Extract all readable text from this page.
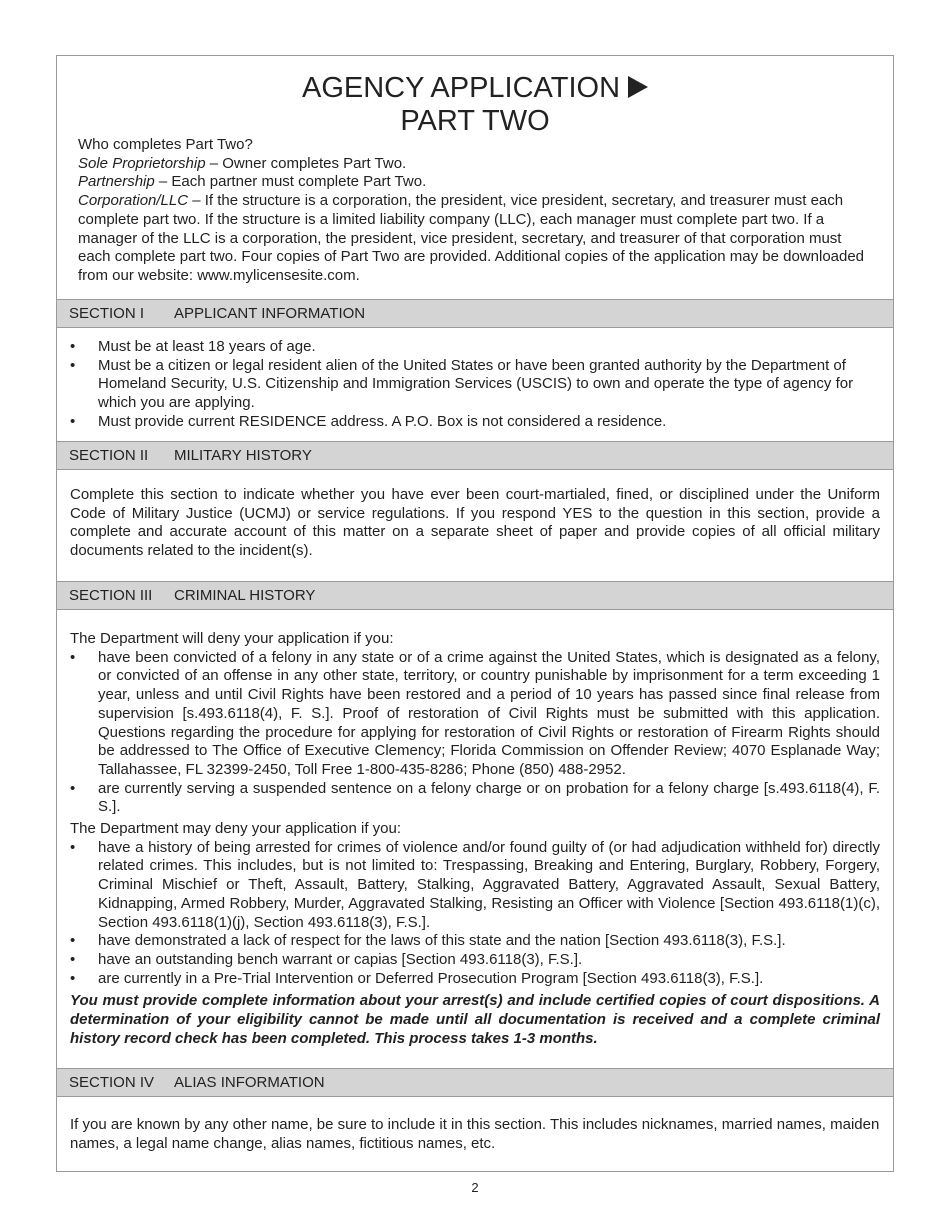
AGENCY APPLICATION
PART TWO

Who completes Part Two?

Sole Proprietorship – Owner completes Part Two.

Partnership – Each partner must complete Part Two.

Corporation/LLC – If the structure is a corporation, the president, vice president, secretary, and treasurer must each complete part two. If the structure is a limited liability company (LLC), each manager must complete part two. If a manager of the LLC is a corporation, the president, vice president, secretary, and treasurer of that corporation must each complete part two. Four copies of Part Two are provided. Additional copies of the application may be downloaded from our website: www.mylicensesite.com.

SECTION I APPLICANT INFORMATION
• Must be at least 18 years of age.
• Must be a citizen or legal resident alien of the United States or have been granted authority by the Department of Homeland Security, U.S. Citizenship and Immigration Services (USCIS) to own and operate the type of agency for which you are applying.
• Must provide current RESIDENCE address. A P.O. Box is not considered a residence.
SECTION II MILITARY HISTORY
Complete this section to indicate whether you have ever been court-martialed, fined, or disciplined under the Uniform Code of Military Justice (UCMJ) or service regulations. If you respond YES to the question in this section, provide a complete and accurate account of this matter on a separate sheet of paper and provide copies of all official military documents related to the incident(s).
SECTION III CRIMINAL HISTORY

The Department will deny your application if you:

• have been convicted of a felony in any state or of a crime against the United States, which is designated as a felony, or convicted of an offense in any other state, territory, or country punishable by imprisonment for a term exceeding 1 year, unless and until Civil Rights have been restored and a period of 10 years has passed since final release from supervision [s.493.6118(4), F. S.]. Proof of restoration of Civil Rights must be submitted with this application. Questions regarding the procedure for applying for restoration of Civil Rights or restoration of Firearm Rights should be addressed to The Office of Executive Clemency; Florida Commission on Offender Review; 4070 Esplanade Way; Tallahassee, FL 32399-2450, Toll Free 1-800-435-8286; Phone (850) 488-2952.
• are currently serving a suspended sentence on a felony charge or on probation for a felony charge [s.493.6118(4), F. S.].

The Department may deny your application if you:

• have a history of being arrested for crimes of violence and/or found guilty of (or had adjudication withheld for) directly related crimes. This includes, but is not limited to: Trespassing, Breaking and Entering, Burglary, Robbery, Forgery, Criminal Mischief or Theft, Assault, Battery, Stalking, Aggravated Battery, Aggravated Assault, Sexual Battery, Kidnapping, Armed Robbery, Murder, Aggravated Stalking, Resisting an Officer with Violence [Section 493.6118(1)(c), Section 493.6118(1)(j), Section 493.6118(3), F.S.].
• have demonstrated a lack of respect for the laws of this state and the nation [Section 493.6118(3), F.S.].
• have an outstanding bench warrant or capias [Section 493.6118(3), F.S.].
• are currently in a Pre-Trial Intervention or Deferred Prosecution Program [Section 493.6118(3), F.S.].

You must provide complete information about your arrest(s) and include certified copies of court dispositions. A determination of your eligibility cannot be made until all documentation is received and a complete criminal history record check has been completed. This process takes 1-3 months.

SECTION IV ALIAS INFORMATION
If you are known by any other name, be sure to include it in this section. This includes nicknames, married names, maiden names, a legal name change, alias names, fictitious names, etc.
2
